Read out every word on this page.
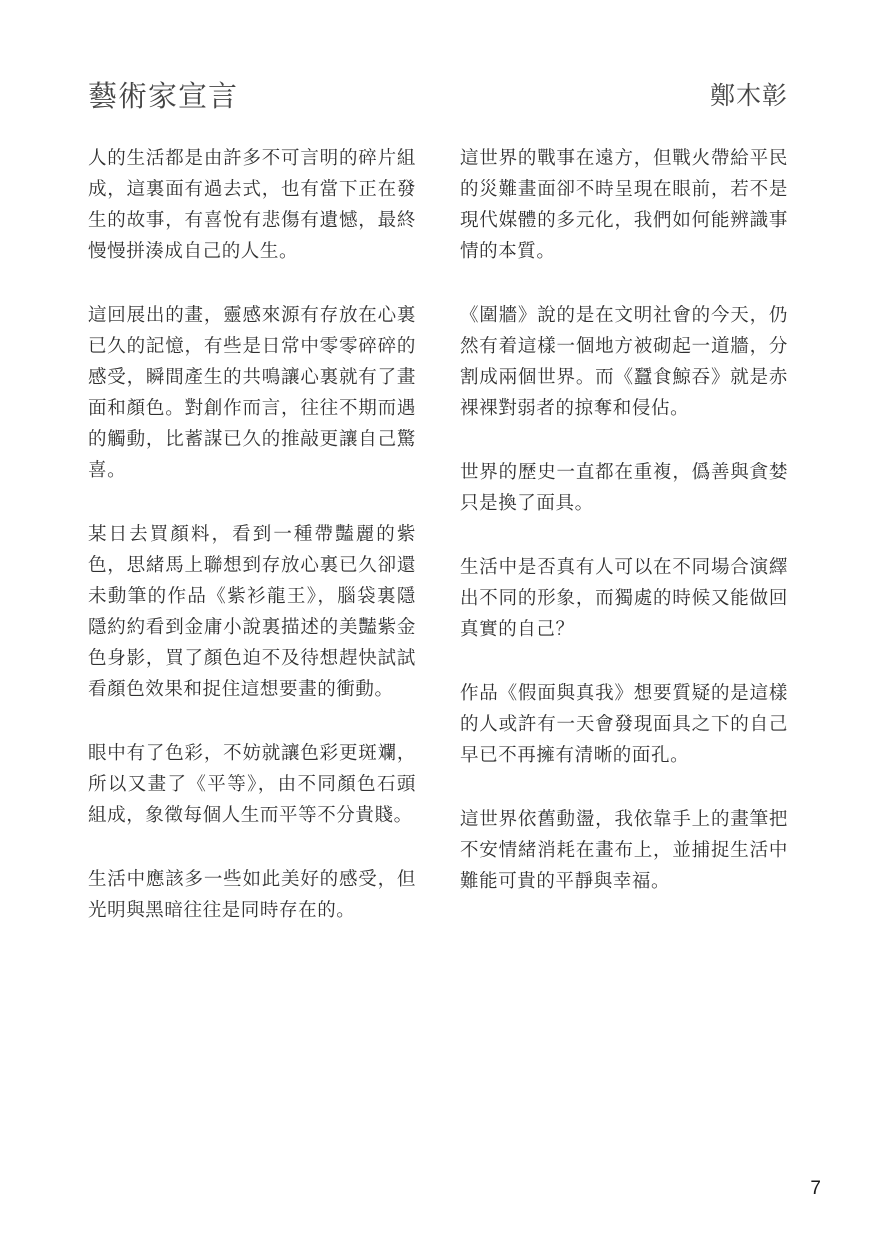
藝術家宣言	鄭木彰

人的生活都是由許多不可言明的碎片組成，這裏面有過去式，也有當下正在發生的故事，有喜悅有悲傷有遺憾，最終慢慢拼湊成自己的人生。

這回展出的畫，靈感來源有存放在心裏已久的記憶，有些是日常中零零碎碎的感受，瞬間產生的共鳴讓心裏就有了畫面和顏色。對創作而言，往往不期而遇的觸動，比蓄謀已久的推敲更讓自己驚喜。

某日去買顏料，看到一種帶豔麗的紫色，思緒馬上聯想到存放心裏已久卻還未動筆的作品《紫衫龍王》，腦袋裏隱隱約約看到金庸小說裏描述的美豔紫金色身影，買了顏色迫不及待想趕快試試看顏色效果和捉住這想要畫的衝動。

眼中有了色彩，不妨就讓色彩更斑斕，所以又畫了《平等》，由不同顏色石頭組成，象徵每個人生而平等不分貴賤。

生活中應該多一些如此美好的感受，但光明與黑暗往往是同時存在的。

這世界的戰事在遠方，但戰火帶給平民的災難畫面卻不時呈現在眼前，若不是現代媒體的多元化，我們如何能辨識事情的本質。

《圍牆》說的是在文明社會的今天，仍然有着這樣一個地方被砌起一道牆，分割成兩個世界。而《蠶食鯨吞》就是赤裸裸對弱者的掠奪和侵佔。

世界的歷史一直都在重複，僞善與貪婪只是換了面具。

生活中是否真有人可以在不同場合演繹出不同的形象，而獨處的時候又能做回真實的自己？

作品《假面與真我》想要質疑的是這樣的人或許有一天會發現面具之下的自己早已不再擁有清晰的面孔。

這世界依舊動盪，我依靠手上的畫筆把不安情緒消耗在畫布上，並捕捉生活中難能可貴的平靜與幸福。

7
